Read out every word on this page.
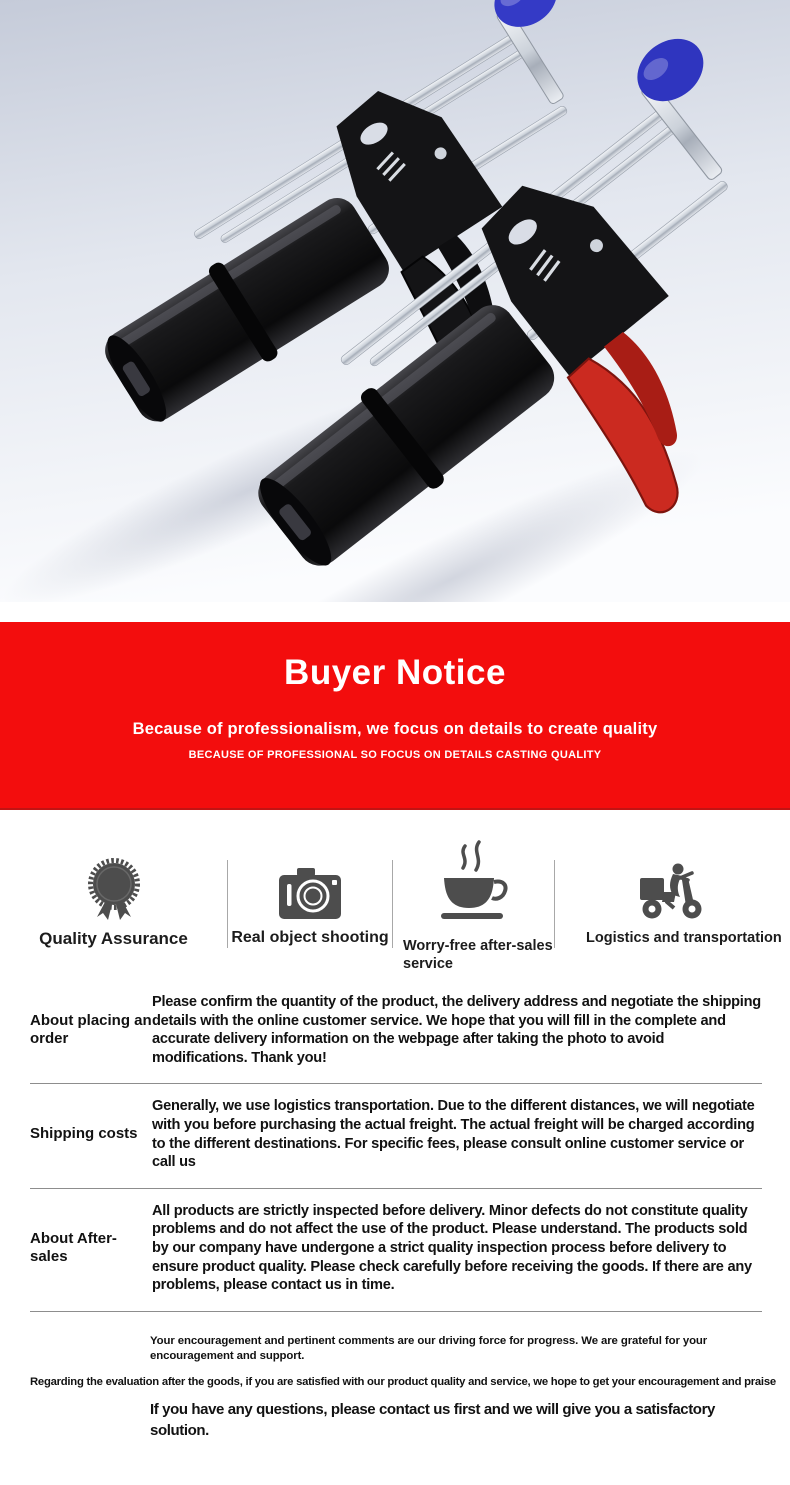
Buyer Notice
Because of professionalism, we focus on details to create quality
BECAUSE OF PROFESSIONAL SO FOCUS ON DETAILS CASTING QUALITY
Quality Assurance	Real object shooting Worry-free after-sales service
Logistics and transportation
About placing an order
Please confirm the quantity of the product, the delivery address and negotiate the shipping details with the online customer service. We hope that you will fill in the complete and accurate delivery information on the webpage after taking the photo to avoid modifications. Thank you!
Shipping costs
Generally, we use logistics transportation. Due to the different distances, we will negotiate with you before purchasing the actual freight. The actual freight will be charged according to the different destinations. For specific fees, please consult online customer service or call us
About After-sales
All products are strictly inspected before delivery. Minor defects do not constitute quality problems and do not affect the use of the product. Please understand. The products sold by our company have undergone a strict quality inspection process before delivery to ensure product quality. Please check carefully before receiving the goods. If there are any problems, please contact us in time.
Your encouragement and pertinent comments are our driving force for progress. We are grateful for your encouragement and support.
Regarding the evaluation after the goods, if you are satisfied with our product quality and service, we hope to get your encouragement and praise
If you have any questions, please contact us first and we will give you a satisfactory solution.
